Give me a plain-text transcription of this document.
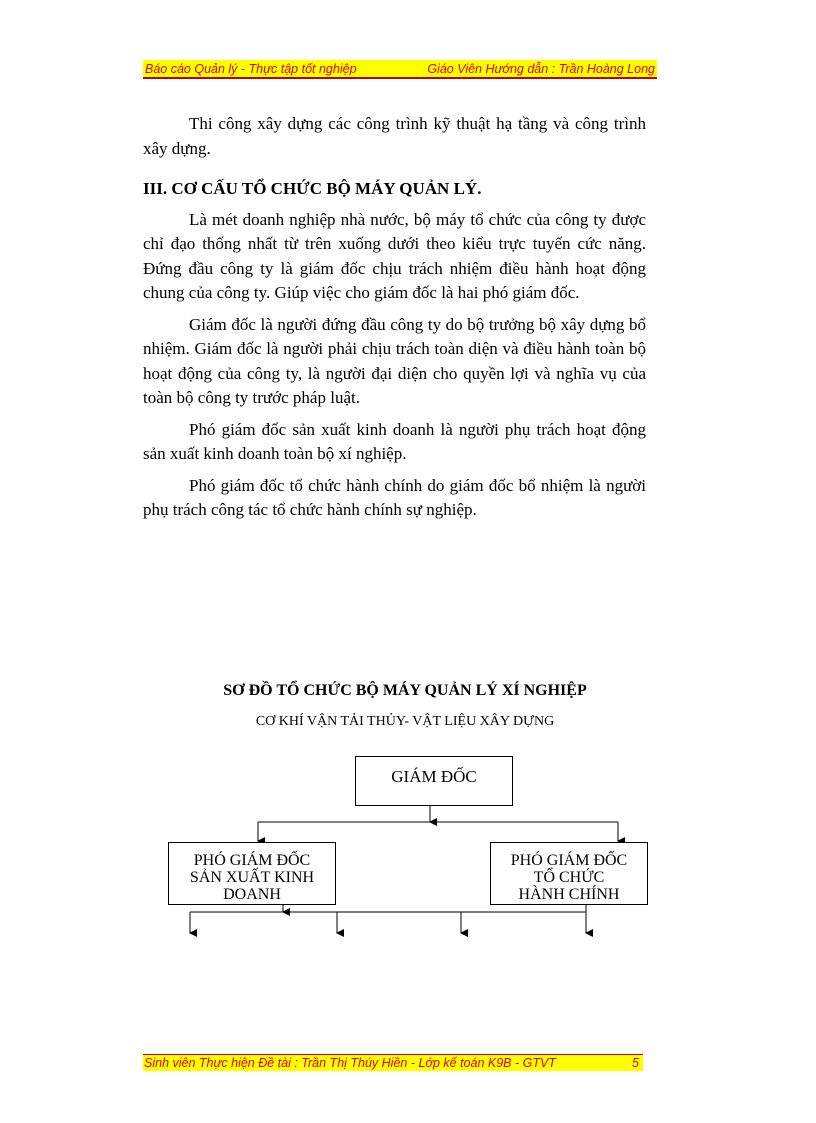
Báo cáo Quản lý - Thực tập tốt nghiệp	Giáo Viên Hướng dẫn : Trần Hoàng Long

Thi công xây dựng các công trình kỹ thuật hạ tầng và công trình xây dựng.

III. CƠ CẤU TỔ CHỨC BỘ MÁY QUẢN LÝ.

Là mét doanh nghiệp nhà nước, bộ máy tổ chức của công ty được chỉ đạo thống nhất từ trên xuống dưới theo kiểu trực tuyến cức năng. Đứng đầu công ty là giám đốc chịu trách nhiệm điều hành hoạt động chung của công ty. Giúp việc cho giám đốc là hai phó giám đốc.

Giám đốc là người đứng đầu công ty do bộ trưởng bộ xây dựng bổ nhiệm. Giám đốc là người phải chịu trách toàn diện và điều hành toàn bộ hoạt động của công ty, là người đại diện cho quyền lợi và nghĩa vụ của toàn bộ công ty trước pháp luật.

Phó giám đốc sản xuất kinh doanh là người phụ trách hoạt động sản xuất kinh doanh toàn bộ xí nghiệp.

Phó giám đốc tổ chức hành chính do giám đốc bổ nhiệm là người phụ trách công tác tổ chức hành chính sự nghiệp.

SƠ ĐỒ TỔ CHỨC BỘ MÁY QUẢN LÝ XÍ NGHIỆP
CƠ KHÍ VẬN TẢI THỦY- VẬT LIỆU XÂY DỰNG
GIÁM ĐỐC
PHÓ GIÁM ĐỐC
SẢN XUẤT KINH
DOANH
PHÓ GIÁM ĐỐC
TỔ CHỨC
HÀNH CHÍNH
Sinh viên Thực hiện Đề tài : Trần Thị Thúy Hiền - Lớp kế toán K9B - GTVT	5
